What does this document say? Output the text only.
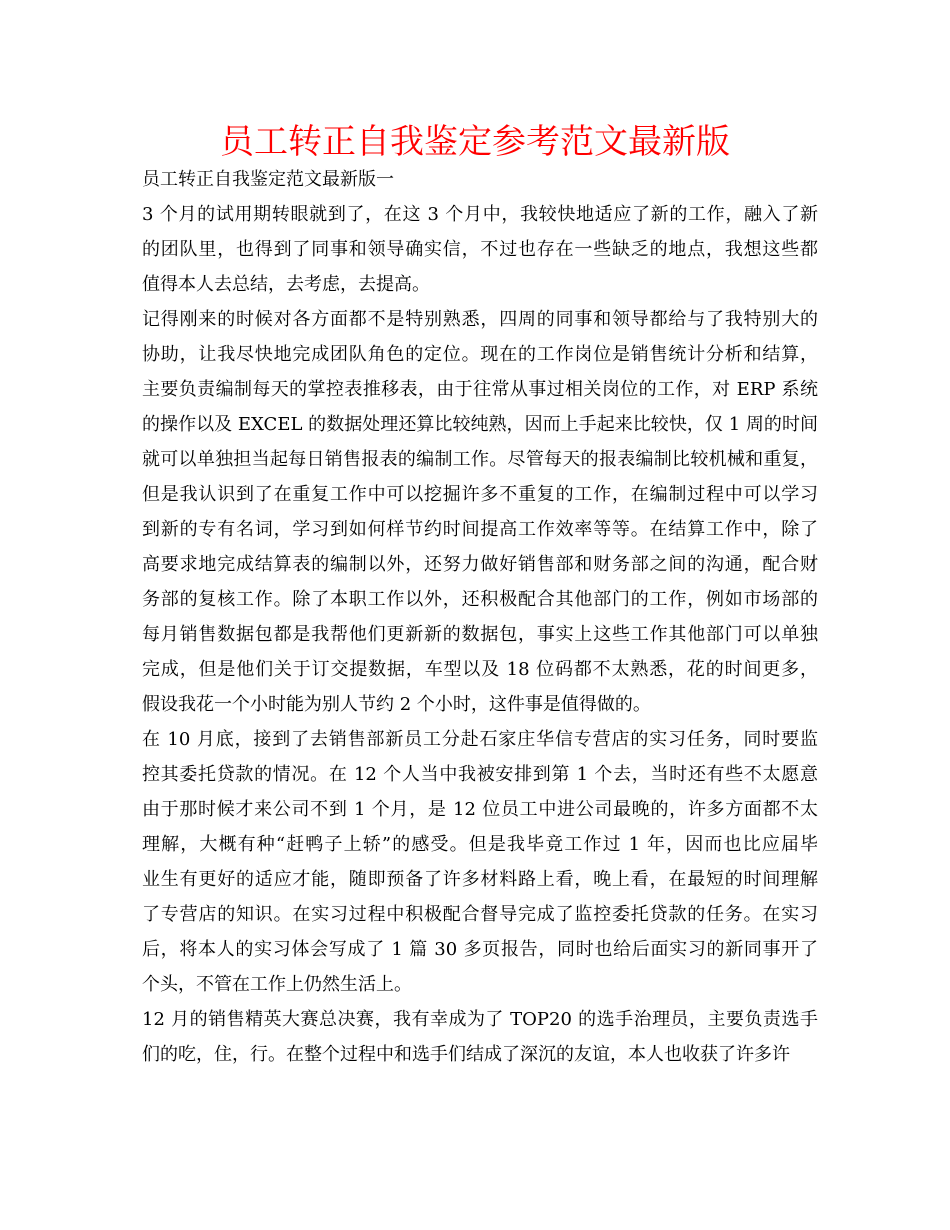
员工转正自我鉴定参考范文最新版
员工转正自我鉴定范文最新版一
3 个月的试用期转眼就到了，在这 3 个月中，我较快地适应了新的工作，融入了新
的团队里，也得到了同事和领导确实信，不过也存在一些缺乏的地点，我想这些都
值得本人去总结，去考虑，去提高。
记得刚来的时候对各方面都不是特别熟悉，四周的同事和领导都给与了我特别大的
协助，让我尽快地完成团队角色的定位。现在的工作岗位是销售统计分析和结算，
主要负责编制每天的掌控表推移表，由于往常从事过相关岗位的工作，对 ERP 系统
的操作以及 EXCEL 的数据处理还算比较纯熟，因而上手起来比较快，仅 1 周的时间
就可以单独担当起每日销售报表的编制工作。尽管每天的报表编制比较机械和重复，
但是我认识到了在重复工作中可以挖掘许多不重复的工作，在编制过程中可以学习
到新的专有名词，学习到如何样节约时间提高工作效率等等。在结算工作中，除了
高要求地完成结算表的编制以外，还努力做好销售部和财务部之间的沟通，配合财
务部的复核工作。除了本职工作以外，还积极配合其他部门的工作，例如市场部的
每月销售数据包都是我帮他们更新新的数据包，事实上这些工作其他部门可以单独
完成，但是他们关于订交提数据，车型以及 18 位码都不太熟悉，花的时间更多，
假设我花一个小时能为别人节约 2 个小时，这件事是值得做的。
在 10 月底，接到了去销售部新员工分赴石家庄华信专营店的实习任务，同时要监
控其委托贷款的情况。在 12 个人当中我被安排到第 1 个去，当时还有些不太愿意
由于那时候才来公司不到 1 个月，是 12 位员工中进公司最晚的，许多方面都不太
理解，大概有种“赶鸭子上轿”的感受。但是我毕竟工作过 1 年，因而也比应届毕
业生有更好的适应才能，随即预备了许多材料路上看，晚上看，在最短的时间理解
了专营店的知识。在实习过程中积极配合督导完成了监控委托贷款的任务。在实习
后，将本人的实习体会写成了 1 篇 30 多页报告，同时也给后面实习的新同事开了
个头，不管在工作上仍然生活上。
12 月的销售精英大赛总决赛，我有幸成为了 TOP20 的选手治理员，主要负责选手
们的吃，住，行。在整个过程中和选手们结成了深沉的友谊，本人也收获了许多许
